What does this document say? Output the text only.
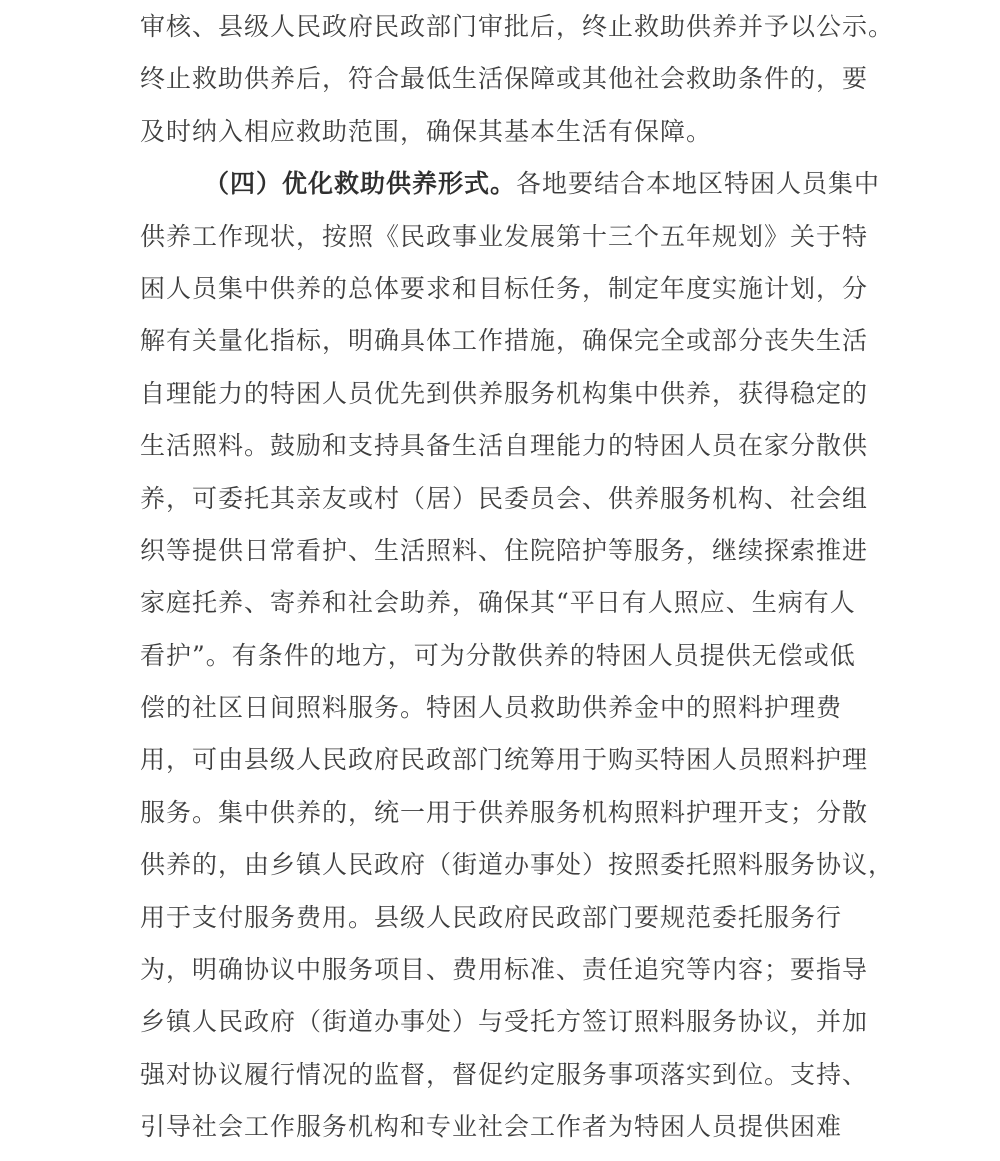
审核、县级人民政府民政部门审批后，终止救助供养并予以公示。
终止救助供养后，符合最低生活保障或其他社会救助条件的，要
及时纳入相应救助范围，确保其基本生活有保障。
（四）优化救助供养形式。各地要结合本地区特困人员集中
供养工作现状，按照《民政事业发展第十三个五年规划》关于特
困人员集中供养的总体要求和目标任务，制定年度实施计划，分
解有关量化指标，明确具体工作措施，确保完全或部分丧失生活
自理能力的特困人员优先到供养服务机构集中供养，获得稳定的
生活照料。鼓励和支持具备生活自理能力的特困人员在家分散供
养，可委托其亲友或村（居）民委员会、供养服务机构、社会组
织等提供日常看护、生活照料、住院陪护等服务，继续探索推进
家庭托养、寄养和社会助养，确保其“平日有人照应、生病有人
看护”。有条件的地方，可为分散供养的特困人员提供无偿或低
偿的社区日间照料服务。特困人员救助供养金中的照料护理费
用，可由县级人民政府民政部门统筹用于购买特困人员照料护理
服务。集中供养的，统一用于供养服务机构照料护理开支；分散
供养的，由乡镇人民政府（街道办事处）按照委托照料服务协议，
用于支付服务费用。县级人民政府民政部门要规范委托服务行
为，明确协议中服务项目、费用标准、责任追究等内容；要指导
乡镇人民政府（街道办事处）与受托方签订照料服务协议，并加
强对协议履行情况的监督，督促约定服务事项落实到位。支持、
引导社会工作服务机构和专业社会工作者为特困人员提供困难
